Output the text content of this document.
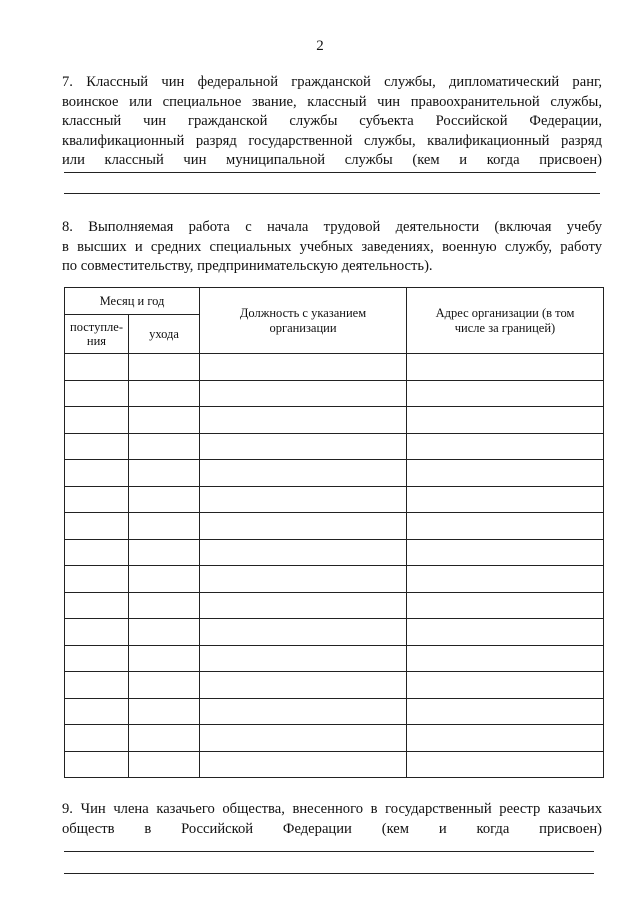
2
7. Классный чин федеральной гражданской службы, дипломатический ранг,
воинское или специальное звание, классный чин правоохранительной службы,
классный чин гражданской службы субъекта Российской Федерации,
квалификационный разряд государственной службы, квалификационный разряд
или классный чин муниципальной службы (кем и когда присвоен)
8. Выполняемая работа с начала трудовой деятельности (включая учебу
в высших и средних специальных учебных заведениях, военную службу, работу
по совместительству, предпринимательскую деятельность).
Месяц и год		Должность с указанием организации	Адрес организации (в том числе за границей)
поступле-ния	ухода		

9. Чин члена казачьего общества, внесенного в государственный реестр казачьих
обществ в Российской Федерации (кем и когда присвоен)
